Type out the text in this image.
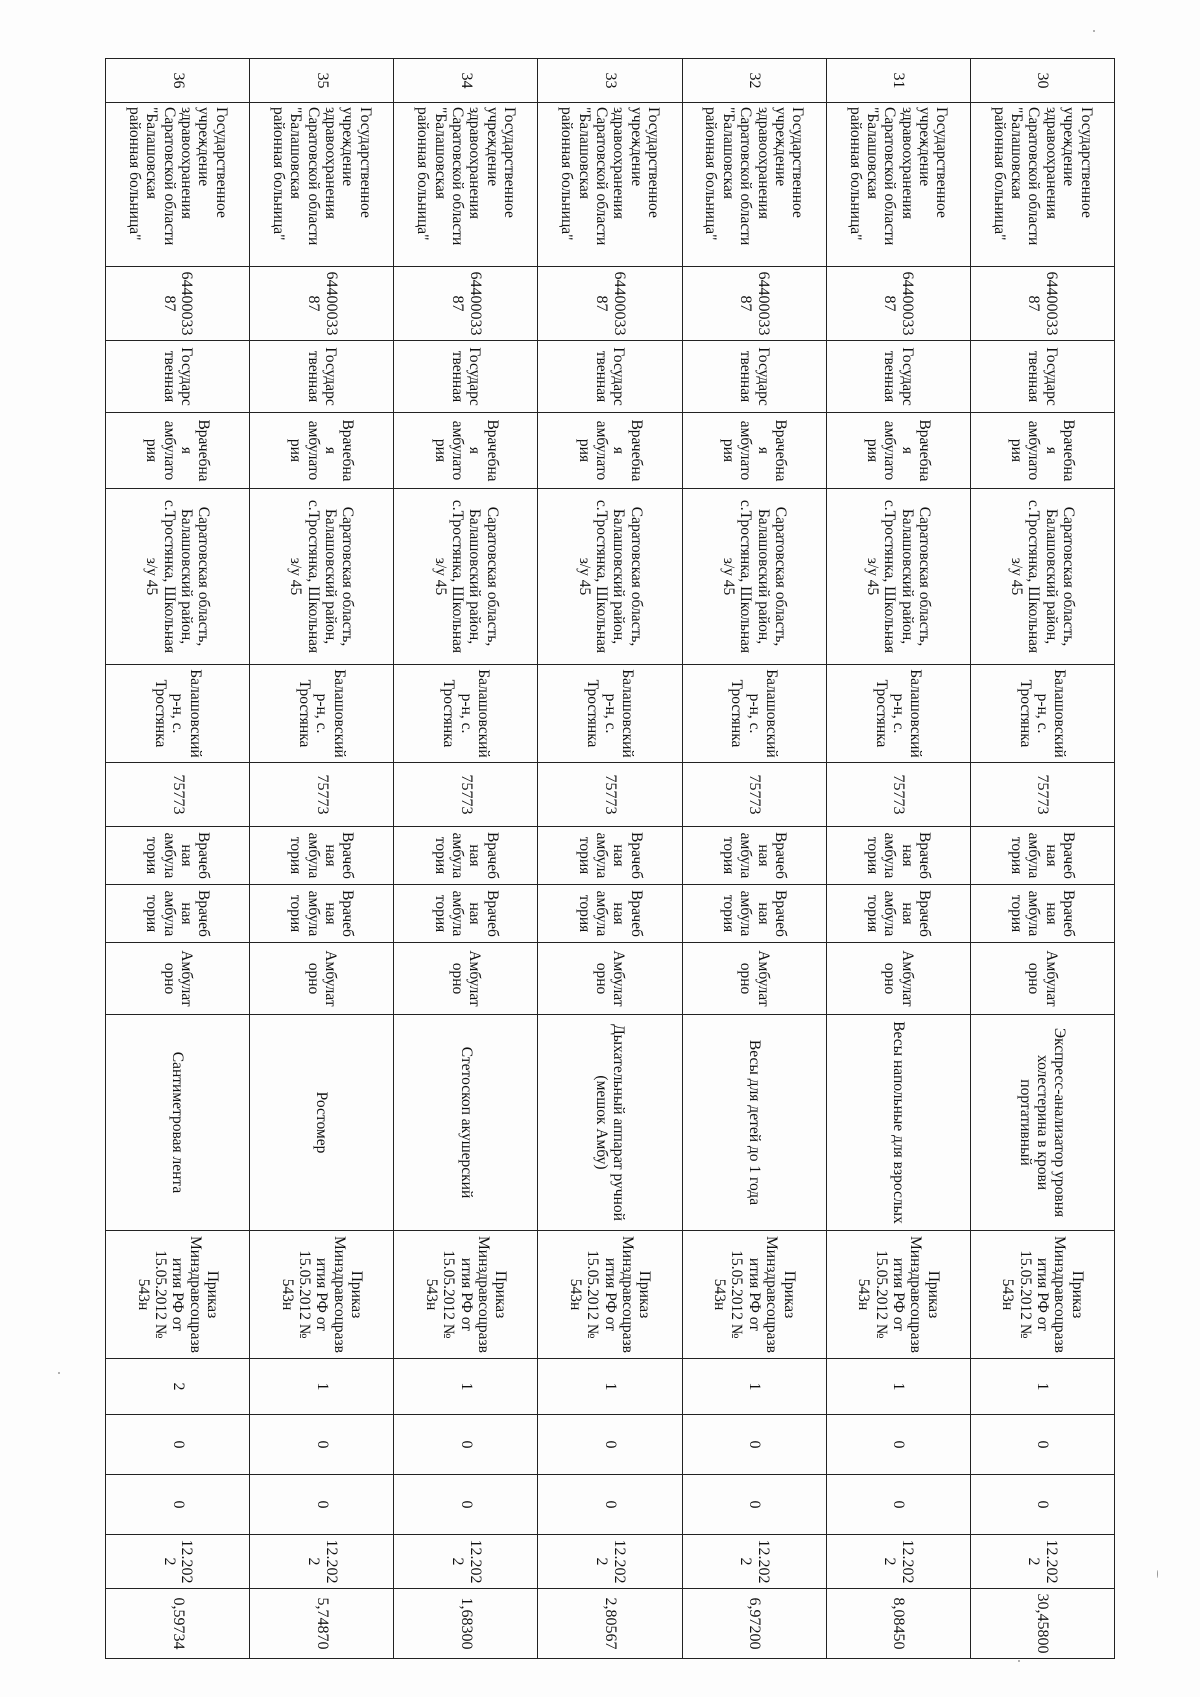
30	Государственное учреждение здравоохранения Саратовской области "Балашовская районная больница"	6440003387	Государственная	Врачебная амбулатория	Саратовская область, Балашовский район, с.Тростянка, Школьная з/у 45	Балашовский р-н, с. Тростянка	75773	Врачебная амбулатория	Врачебная амбулатория	Амбулаторно	Экспресс-анализатор уровня холестерина в крови портативный	Приказ Минздравсоцразвития РФ от 15.05.2012 № 543н	1	0	0	12.2022	30,45800
31	Государственное учреждение здравоохранения Саратовской области "Балашовская районная больница"	6440003387	Государственная	Врачебная амбулатория	Саратовская область, Балашовский район, с.Тростянка, Школьная з/у 45	Балашовский р-н, с. Тростянка	75773	Врачебная амбулатория	Врачебная амбулатория	Амбулаторно	Весы напольные для взрослых	Приказ Минздравсоцразвития РФ от 15.05.2012 № 543н	1	0	0	12.2022	8,08450
32	Государственное учреждение здравоохранения Саратовской области "Балашовская районная больница"	6440003387	Государственная	Врачебная амбулатория	Саратовская область, Балашовский район, с.Тростянка, Школьная з/у 45	Балашовский р-н, с. Тростянка	75773	Врачебная амбулатория	Врачебная амбулатория	Амбулаторно	Весы для детей до 1 года	Приказ Минздравсоцразвития РФ от 15.05.2012 № 543н	1	0	0	12.2022	6,97200
33	Государственное учреждение здравоохранения Саратовской области "Балашовская районная больница"	6440003387	Государственная	Врачебная амбулатория	Саратовская область, Балашовский район, с.Тростянка, Школьная з/у 45	Балашовский р-н, с. Тростянка	75773	Врачебная амбулатория	Врачебная амбулатория	Амбулаторно	Дыхательный аппарат ручной (мешок Амбу)	Приказ Минздравсоцразвития РФ от 15.05.2012 № 543н	1	0	0	12.2022	2,80567
34	Государственное учреждение здравоохранения Саратовской области "Балашовская районная больница"	6440003387	Государственная	Врачебная амбулатория	Саратовская область, Балашовский район, с.Тростянка, Школьная з/у 45	Балашовский р-н, с. Тростянка	75773	Врачебная амбулатория	Врачебная амбулатория	Амбулаторно	Стетоскоп акушерский	Приказ Минздравсоцразвития РФ от 15.05.2012 № 543н	1	0	0	12.2022	1,68300
35	Государственное учреждение здравоохранения Саратовской области "Балашовская районная больница"	6440003387	Государственная	Врачебная амбулатория	Саратовская область, Балашовский район, с.Тростянка, Школьная з/у 45	Балашовский р-н, с. Тростянка	75773	Врачебная амбулатория	Врачебная амбулатория	Амбулаторно	Ростомер	Приказ Минздравсоцразвития РФ от 15.05.2012 № 543н	1	0	0	12.2022	5,74870
36	Государственное учреждение здравоохранения Саратовской области "Балашовская районная больница"	6440003387	Государственная	Врачебная амбулатория	Саратовская область, Балашовский район, с.Тростянка, Школьная з/у 45	Балашовский р-н, с. Тростянка	75773	Врачебная амбулатория	Врачебная амбулатория	Амбулаторно	Сантиметровая лента	Приказ Минздравсоцразвития РФ от 15.05.2012 № 543н	2	0	0	12.2022	0,59734
